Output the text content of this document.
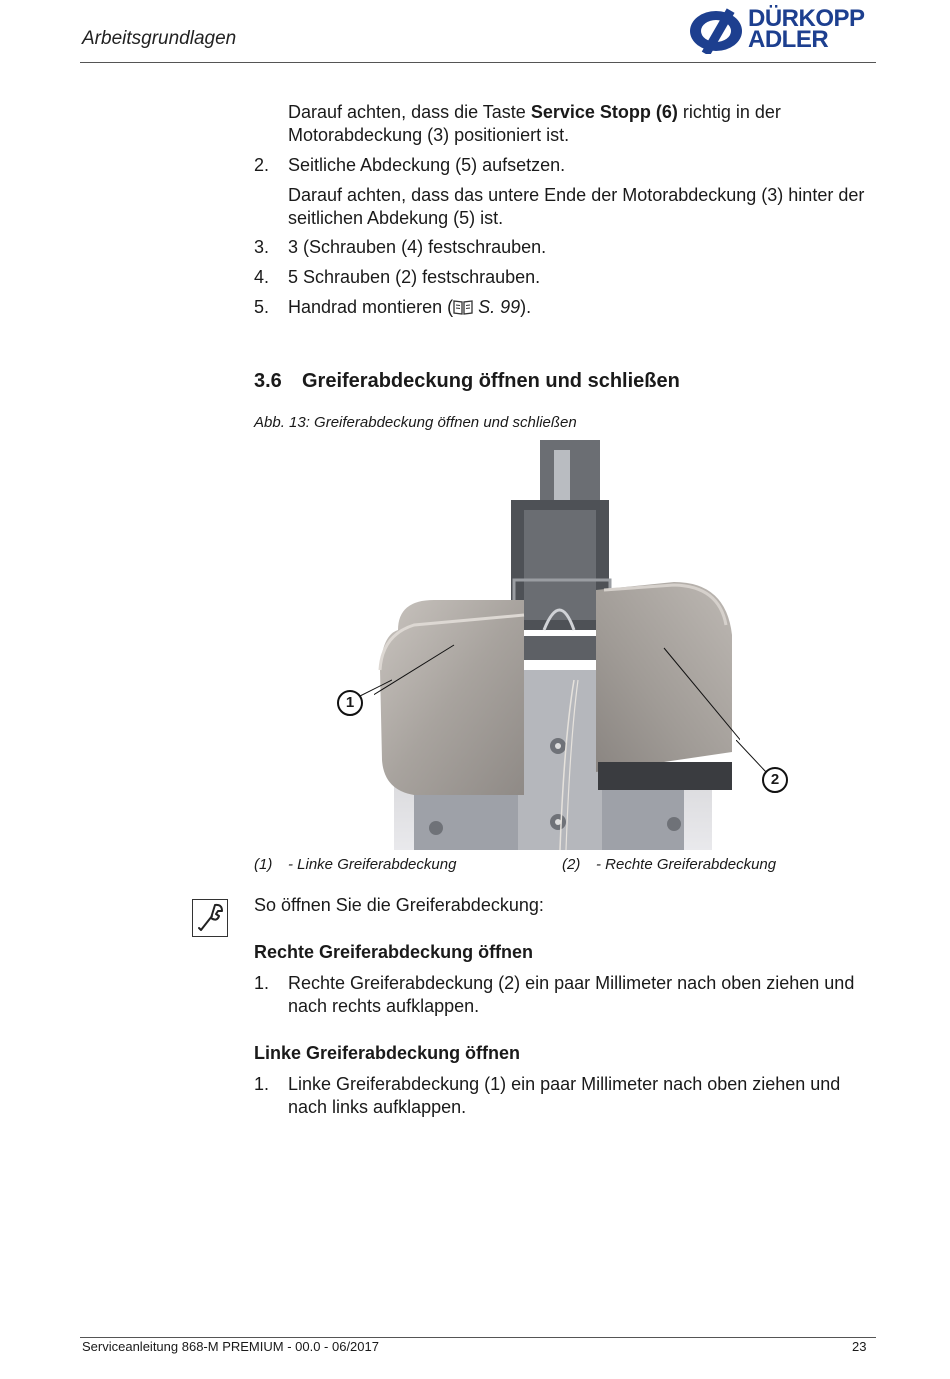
Arbeitsgrundlagen
DÜRKOPP
ADLER
Darauf achten, dass die Taste Service Stopp (6) richtig in der Motorabdeckung (3) positioniert ist.
2. Seitliche Abdeckung (5) aufsetzen.
Darauf achten, dass das untere Ende der Motorabdeckung (3) hinter der seitlichen Abdekung (5) ist.
3. 3 (Schrauben (4) festschrauben.
4. 5 Schrauben (2) festschrauben.
5. Handrad montieren ( S. 99).
3.6 Greiferabdeckung öffnen und schließen
Abb. 13: Greiferabdeckung öffnen und schließen
1
2
(1) - Linke Greiferabdeckung	(2) - Rechte Greiferabdeckung
So öffnen Sie die Greiferabdeckung:
Rechte Greiferabdeckung öffnen
1. Rechte Greiferabdeckung (2) ein paar Millimeter nach oben ziehen und nach rechts aufklappen.
Linke Greiferabdeckung öffnen
1. Linke Greiferabdeckung (1) ein paar Millimeter nach oben ziehen und nach links aufklappen.
Serviceanleitung 868-M PREMIUM - 00.0 - 06/2017	23
